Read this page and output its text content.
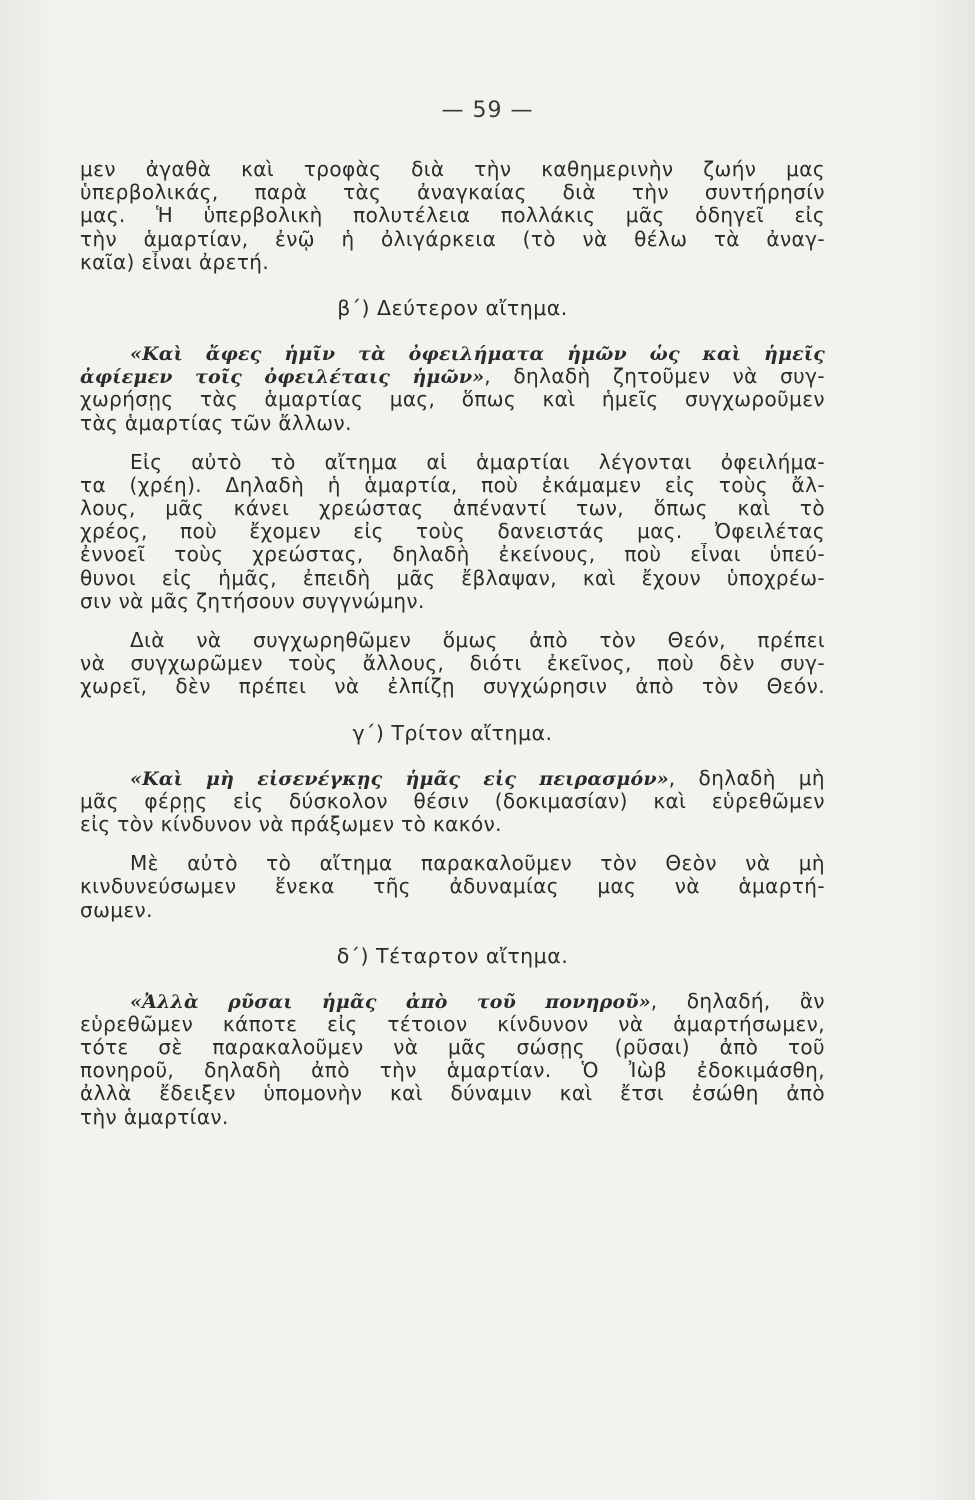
— 59 —
μεν ἀγαθὰ καὶ τροφὰς διὰ τὴν καθημερινὴν ζωήν μας
ὑπερβολικάς, παρὰ τὰς ἀναγκαίας διὰ τὴν συντήρησίν
μας. Ἡ ὑπερβολικὴ πολυτέλεια πολλάκις μᾶς ὁδηγεῖ εἰς
τὴν ἁμαρτίαν, ἐνῷ ἡ ὀλιγάρκεια (τὸ νὰ θέλω τὰ ἀναγ-
καῖα) εἶναι ἀρετή.
β΄) Δεύτερον αἴτημα.
«Καὶ ἄφες ἡμῖν τὰ ὀφειλήματα ἡμῶν ὡς καὶ ἡμεῖς
ἀφίεμεν τοῖς ὀφειλέταις ἡμῶν», δηλαδὴ ζητοῦμεν νὰ συγ-
χωρήσῃς τὰς ἁμαρτίας μας, ὅπως καὶ ἡμεῖς συγχωροῦμεν
τὰς ἁμαρτίας τῶν ἄλλων.
Εἰς αὐτὸ τὸ αἴτημα αἱ ἁμαρτίαι λέγονται ὀφειλήμα-
τα (χρέη). Δηλαδὴ ἡ ἁμαρτία, ποὺ ἐκάμαμεν εἰς τοὺς ἄλ-
λους, μᾶς κάνει χρεώστας ἀπέναντί των, ὅπως καὶ τὸ
χρέος, ποὺ ἔχομεν εἰς τοὺς δανειστάς μας. Ὀφειλέτας
ἐννοεῖ τοὺς χρεώστας, δηλαδὴ ἐκείνους, ποὺ εἶναι ὑπεύ-
θυνοι εἰς ἡμᾶς, ἐπειδὴ μᾶς ἔβλαψαν, καὶ ἔχουν ὑποχρέω-
σιν νὰ μᾶς ζητήσουν συγγνώμην.
Διὰ νὰ συγχωρηθῶμεν ὅμως ἀπὸ τὸν Θεόν, πρέπει
νὰ συγχωρῶμεν τοὺς ἄλλους, διότι ἐκεῖνος, ποὺ δὲν συγ-
χωρεῖ, δὲν πρέπει νὰ ἐλπίζῃ συγχώρησιν ἀπὸ τὸν Θεόν.
γ΄) Τρίτον αἴτημα.
«Καὶ μὴ εἰσενέγκῃς ἡμᾶς εἰς πειρασμόν», δηλαδὴ μὴ
μᾶς φέρῃς εἰς δύσκολον θέσιν (δοκιμασίαν) καὶ εὑρεθῶμεν
εἰς τὸν κίνδυνον νὰ πράξωμεν τὸ κακόν.
Μὲ αὐτὸ τὸ αἴτημα παρακαλοῦμεν τὸν Θεὸν νὰ μὴ
κινδυνεύσωμεν ἕνεκα τῆς ἀδυναμίας μας νὰ ἁμαρτή-
σωμεν.
δ΄) Τέταρτον αἴτημα.
«Ἀλλὰ ρῦσαι ἡμᾶς ἀπὸ τοῦ πονηροῦ», δηλαδή, ἂν
εὑρεθῶμεν κάποτε εἰς τέτοιον κίνδυνον νὰ ἁμαρτήσωμεν,
τότε σὲ παρακαλοῦμεν νὰ μᾶς σώσῃς (ρῦσαι) ἀπὸ τοῦ
πονηροῦ, δηλαδὴ ἀπὸ τὴν ἁμαρτίαν. Ὁ Ἰὼβ ἐδοκιμάσθη,
ἀλλὰ ἔδειξεν ὑπομονὴν καὶ δύναμιν καὶ ἔτσι ἐσώθη ἀπὸ
τὴν ἁμαρτίαν.
